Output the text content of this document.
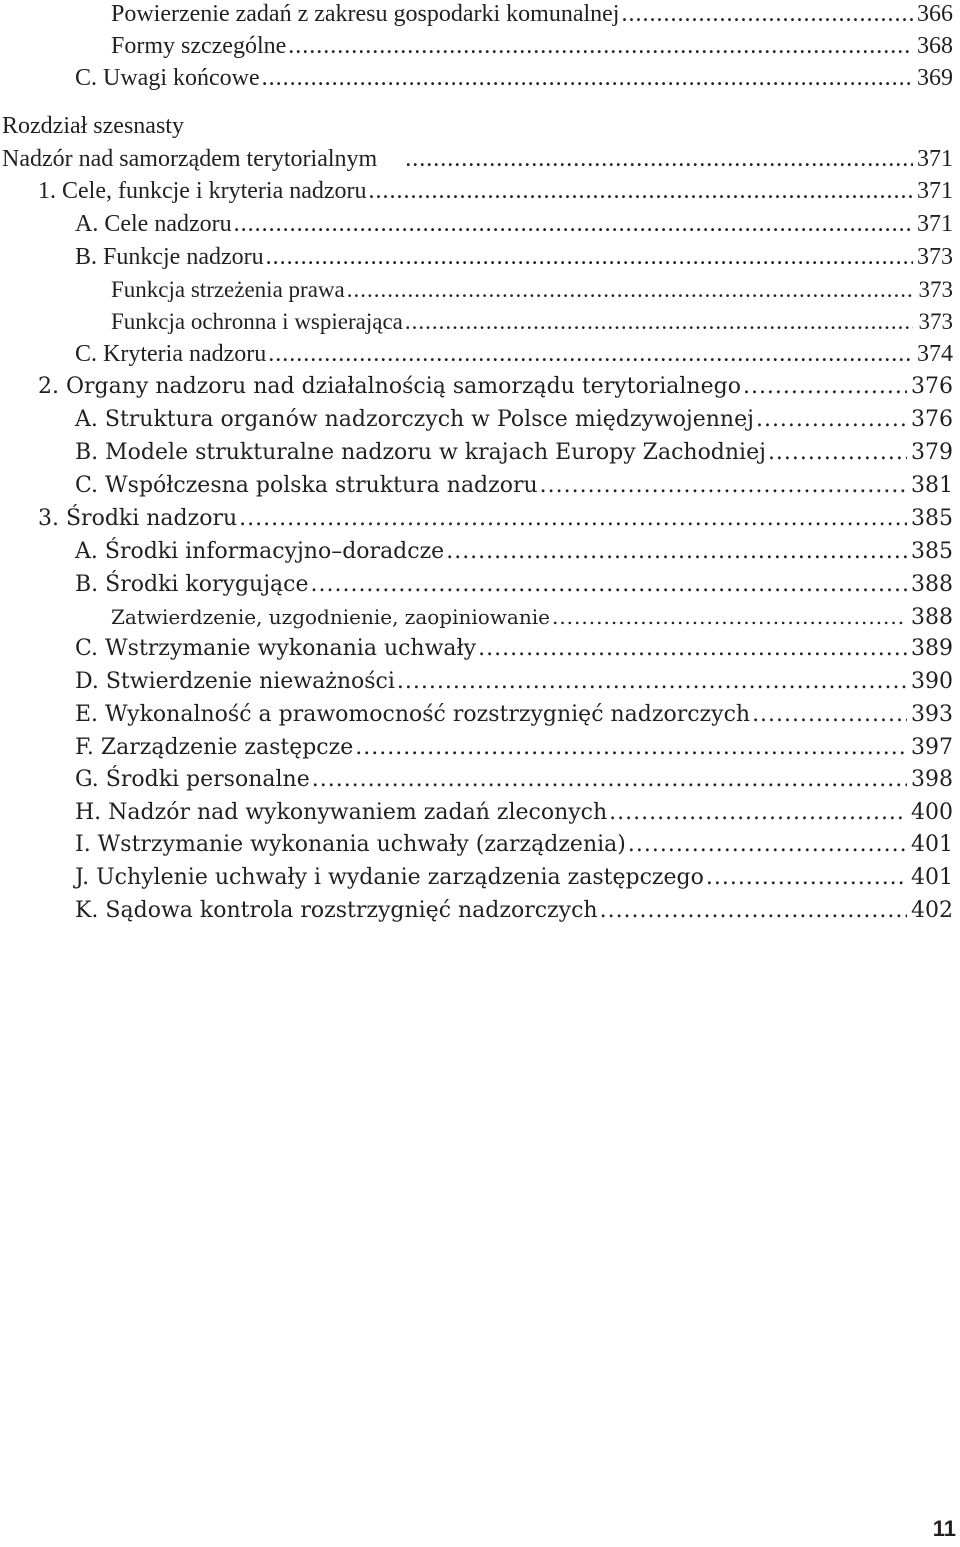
Powierzenie zadań z zakresu gospodarki komunalnej .....	366
Formy szczególne .....	368
C. Uwagi końcowe .....	369
Rozdział szesnasty
Nadzór nad samorządem terytorialnym .....	371
1. Cele, funkcje i kryteria nadzoru .....	371
A. Cele nadzoru .....	371
B. Funkcje nadzoru .....	373
Funkcja strzeżenia prawa .....	373
Funkcja ochronna i wspierająca .....	373
C. Kryteria nadzoru .....	374
2. Organy nadzoru nad działalnością samorządu terytorialnego .....	376
A. Struktura organów nadzorczych w Polsce międzywojennej .....	376
B. Modele strukturalne nadzoru w krajach Europy Zachodniej .....	379
C. Współczesna polska struktura nadzoru .....	381
3. Środki nadzoru .....	385
A. Środki informacyjno–doradcze .....	385
B. Środki korygujące .....	388
Zatwierdzenie, uzgodnienie, zaopiniowanie .....	388
C. Wstrzymanie wykonania uchwały .....	389
D. Stwierdzenie nieważności .....	390
E. Wykonalność a prawomocność rozstrzygnięć nadzorczych .....	393
F. Zarządzenie zastępcze .....	397
G. Środki personalne .....	398
H. Nadzór nad wykonywaniem zadań zleconych .....	400
I. Wstrzymanie wykonania uchwały (zarządzenia) .....	401
J. Uchylenie uchwały i wydanie zarządzenia zastępczego .....	401
K. Sądowa kontrola rozstrzygnięć nadzorczych .....	402
11
